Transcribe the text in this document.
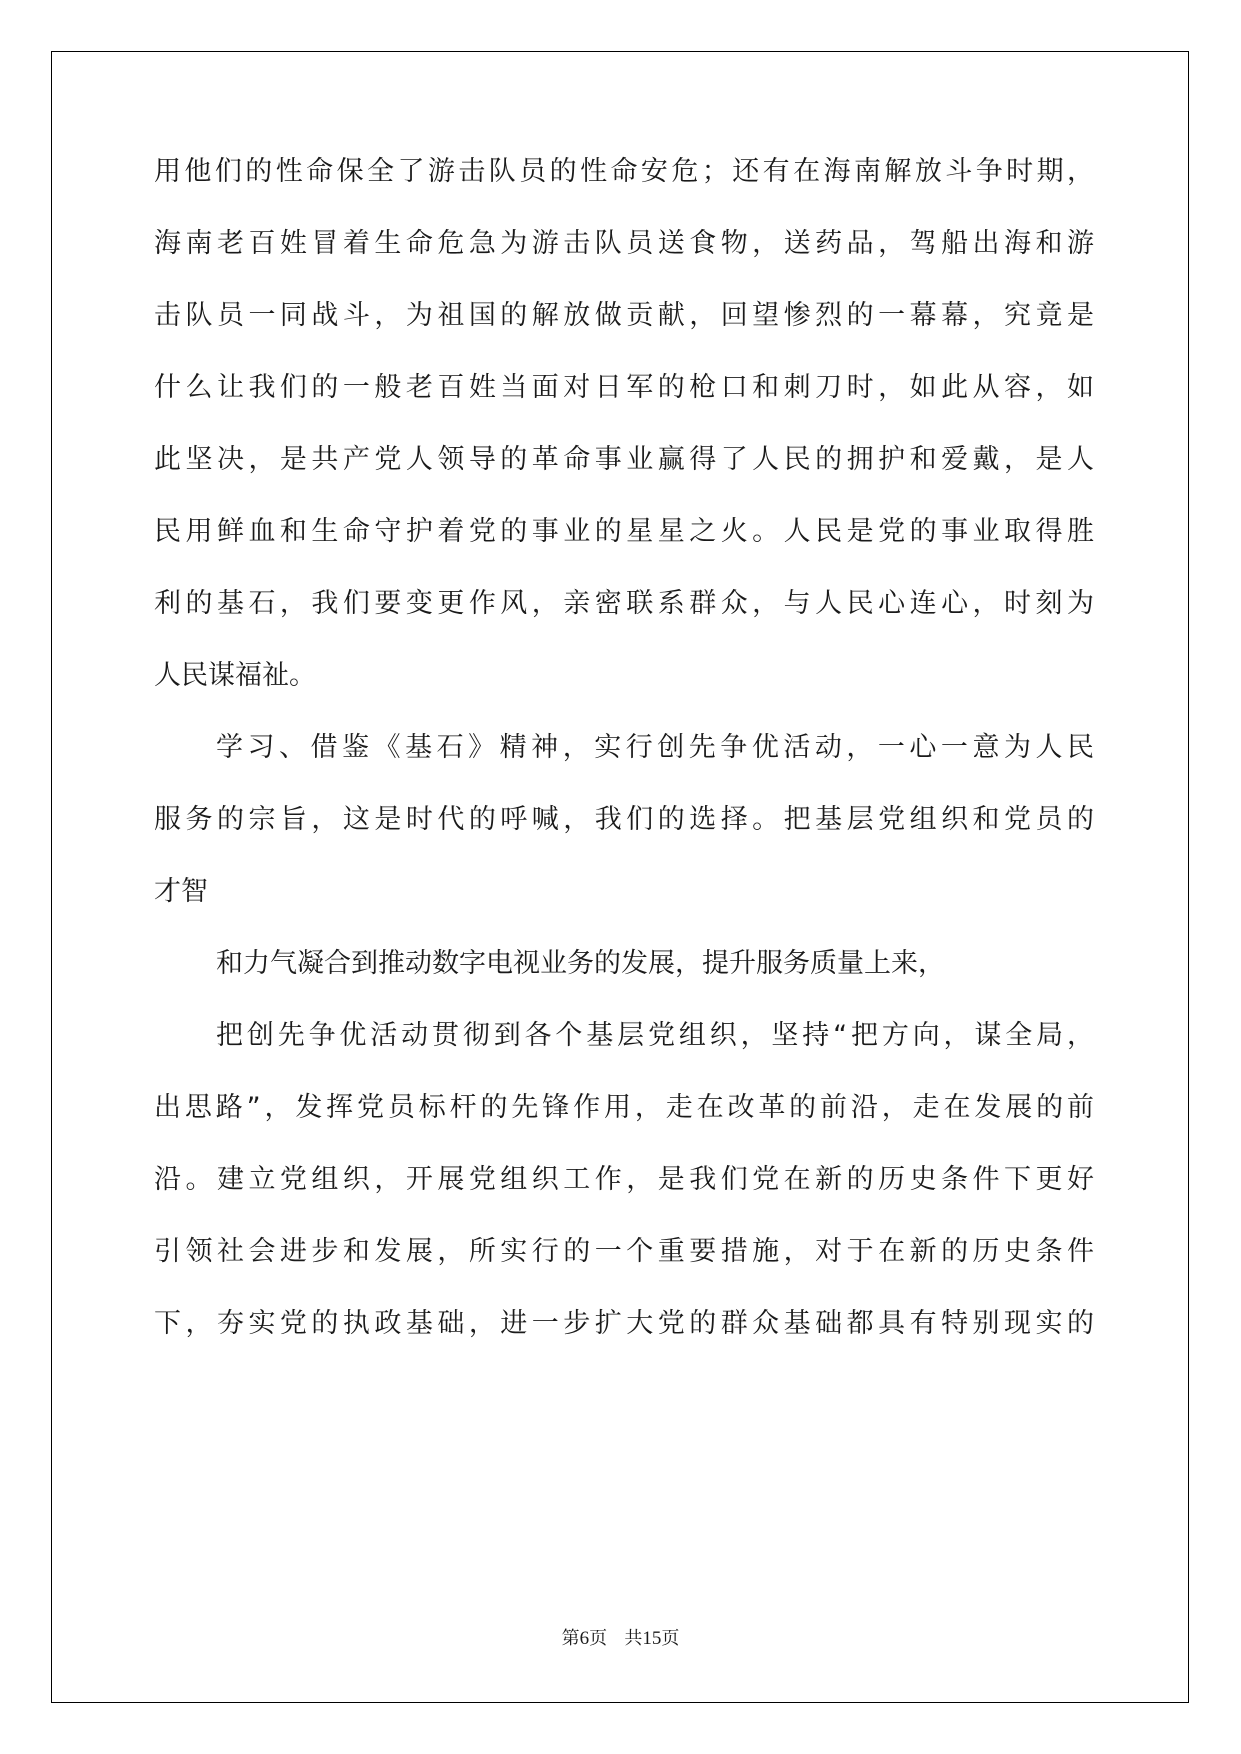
用他们的性命保全了游击队员的性命安危；还有在海南解放斗争时期，
海南老百姓冒着生命危急为游击队员送食物，送药品，驾船出海和游
击队员一同战斗，为祖国的解放做贡献，回望惨烈的一幕幕，究竟是
什么让我们的一般老百姓当面对日军的枪口和刺刀时，如此从容，如
此坚决，是共产党人领导的革命事业赢得了人民的拥护和爱戴，是人
民用鲜血和生命守护着党的事业的星星之火。人民是党的事业取得胜
利的基石，我们要变更作风，亲密联系群众，与人民心连心，时刻为
人民谋福祉。
学习、借鉴《基石》精神，实行创先争优活动，一心一意为人民
服务的宗旨，这是时代的呼喊，我们的选择。把基层党组织和党员的
才智
和力气凝合到推动数字电视业务的发展，提升服务质量上来，
把创先争优活动贯彻到各个基层党组织，坚持“把方向，谋全局，
出思路”，发挥党员标杆的先锋作用，走在改革的前沿，走在发展的前
沿。建立党组织，开展党组织工作，是我们党在新的历史条件下更好
引领社会进步和发展，所实行的一个重要措施，对于在新的历史条件
下，夯实党的执政基础，进一步扩大党的群众基础都具有特别现实的
第6页 共15页
